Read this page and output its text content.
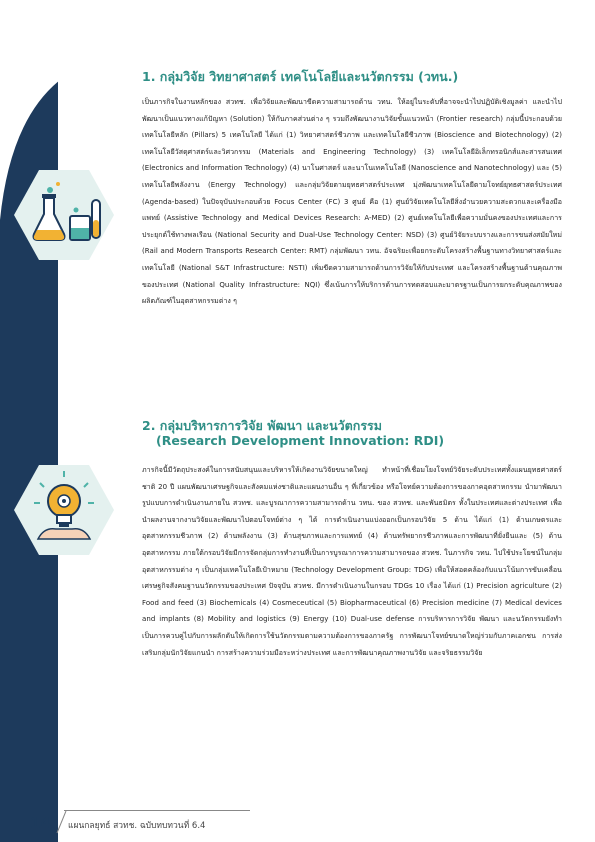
1. กลุ่มวิจัย วิทยาศาสตร์ เทคโนโลยีและนวัตกรรม (วทน.)

เป็นภารกิจในงานหลักของ สวทช. เพื่อวิจัยและพัฒนาขีดความสามารถด้าน วทน. ให้อยู่ในระดับที่อาจจะนำไปปฏิบัติเชิงมูลค่า และนำไปพัฒนาเป็นแนวทางแก้ปัญหา (Solution) ให้กับภาคส่วนต่าง ๆ รวมถึงพัฒนางานวิจัยขั้นแนวหน้า (Frontier research) กลุ่มนี้ประกอบด้วยเทคโนโลยีหลัก (Pillars) 5 เทคโนโลยี ได้แก่ (1) วิทยาศาสตร์ชีวภาพ และเทคโนโลยีชีวภาพ (Bioscience and Biotechnology) (2) เทคโนโลยีวัสดุศาสตร์และวิศวกรรม (Materials and Engineering Technology) (3) เทคโนโลยีอิเล็กทรอนิกส์และสารสนเทศ (Electronics and Information Technology) (4) นาโนศาสตร์ และนาโนเทคโนโลยี (Nanoscience and Nanotechnology) และ (5) เทคโนโลยีพลังงาน (Energy Technology) และกลุ่มวิจัยตามยุทธศาสตร์ประเทศ มุ่งพัฒนาเทคโนโลยีตามโจทย์ยุทธศาสตร์ประเทศ (Agenda-based) ในปัจจุบันประกอบด้วย Focus Center (FC) 3 ศูนย์ คือ (1) ศูนย์วิจัยเทคโนโลยีสิ่งอำนวยความสะดวกและเครื่องมือแพทย์ (Assistive Technology and Medical Devices Research: A-MED) (2) ศูนย์เทคโนโลยีเพื่อความมั่นคงของประเทศและการประยุกต์ใช้ทางพลเรือน (National Security and Dual-Use Technology Center: NSD) (3) ศูนย์วิจัยระบบรางและการขนส่งสมัยใหม่ (Rail and Modern Transports Research Center: RMT) กลุ่มพัฒนา วทน. อัจฉริยะเพื่อยกระดับโครงสร้างพื้นฐานทางวิทยาศาสตร์และเทคโนโลยี (National S&T Infrastructure: NSTI) เพิ่มขีดความสามารถด้านการวิจัยให้กับประเทศ และโครงสร้างพื้นฐานด้านคุณภาพของประเทศ (National Quality Infrastructure: NQI) ซึ่งเน้นการให้บริการด้านการทดสอบและมาตรฐานเป็นการยกระดับคุณภาพของผลิตภัณฑ์ในอุตสาหกรรมต่าง ๆ

2. กลุ่มบริหารการวิจัย พัฒนา และนวัตกรรม
(Research Development Innovation: RDI)

ภารกิจนี้มีวัตถุประสงค์ในการสนับสนุนและบริหารให้เกิดงานวิจัยขนาดใหญ่ ทำหน้าที่เชื่อมโยงโจทย์วิจัยระดับประเทศทั้งแผนยุทธศาสตร์ชาติ 20 ปี แผนพัฒนาเศรษฐกิจและสังคมแห่งชาติและแผนงานอื่น ๆ ที่เกี่ยวข้อง หรือโจทย์ความต้องการของภาคอุตสาหกรรม นำมาพัฒนารูปแบบการดำเนินงานภายใน สวทช. และบูรณาการความสามารถด้าน วทน. ของ สวทช. และพันธมิตร ทั้งในประเทศและต่างประเทศ เพื่อนำผลงานจากงานวิจัยและพัฒนาไปตอบโจทย์ต่าง ๆ ได้ การดำเนินงานแบ่งออกเป็นกรอบวิจัย 5 ด้าน ได้แก่ (1) ด้านเกษตรและอุตสาหกรรมชีวภาพ (2) ด้านพลังงาน (3) ด้านสุขภาพและการแพทย์ (4) ด้านทรัพยากรชีวภาพและการพัฒนาที่ยั่งยืนและ (5) ด้านอุตสาหกรรม ภายใต้กรอบวิจัยมีการจัดกลุ่มการทำงานที่เป็นการบูรณาการความสามารถของ สวทช. ในภารกิจ วทน. ไปใช้ประโยชน์ในกลุ่มอุตสาหกรรมต่าง ๆ เป็นกลุ่มเทคโนโลยีเป้าหมาย (Technology Development Group: TDG) เพื่อให้สอดคล้องกับแนวโน้มการขับเคลื่อนเศรษฐกิจสังคมฐานนวัตกรรมของประเทศ ปัจจุบัน สวทช. มีการดำเนินงานในกรอบ TDGs 10 เรื่อง ได้แก่ (1) Precision agriculture (2) Food and feed (3) Biochemicals (4) Cosmeceutical (5) Biopharmaceutical (6) Precision medicine (7) Medical devices and implants (8) Mobility and logistics (9) Energy (10) Dual-use defense การบริหารการวิจัย พัฒนา และนวัตกรรมยังทำเป็นการควบคู่ไปกับการผลักดันให้เกิดการใช้นวัตกรรมตามความต้องการของภาครัฐ การพัฒนาโจทย์ขนาดใหญ่ร่วมกับภาคเอกชน การส่งเสริมกลุ่มนักวิจัยแกนนำ การสร้างความร่วมมือระหว่างประเทศ และการพัฒนาคุณภาพงานวิจัย และจริยธรรมวิจัย

14 แผนกลยุทธ์ สวทช. ฉบับทบทวนที่ 6.4
